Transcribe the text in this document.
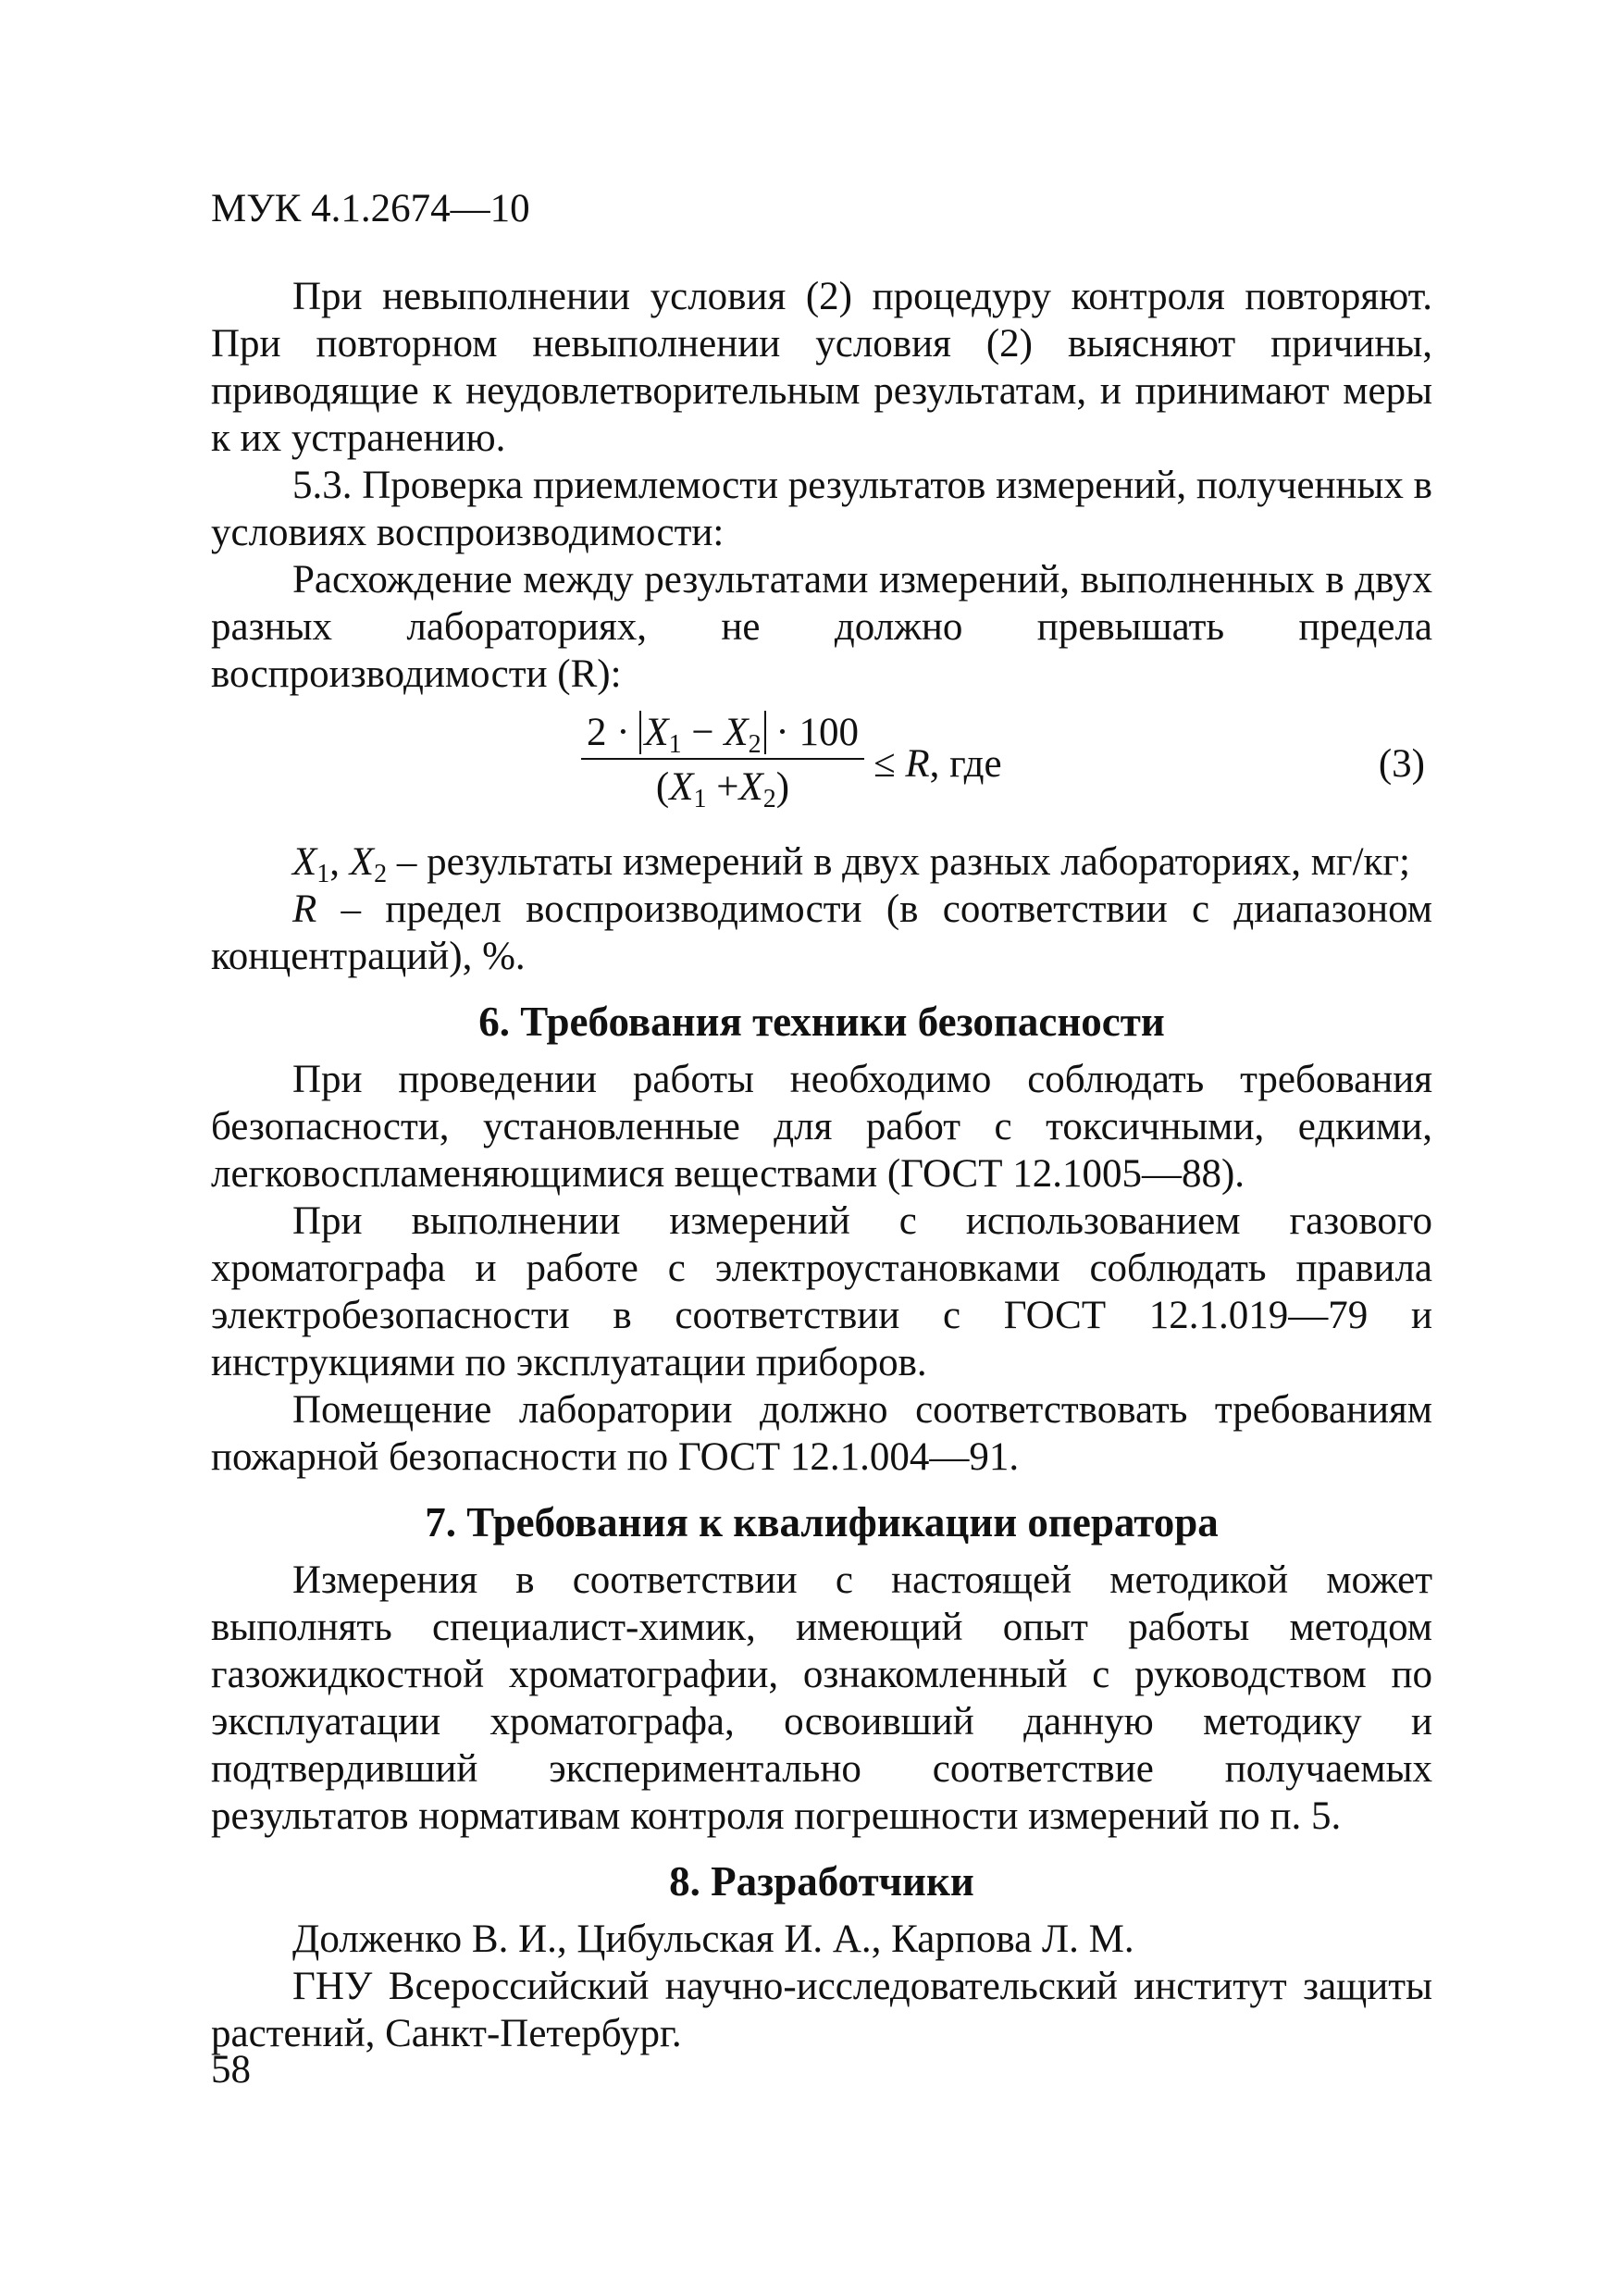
МУК 4.1.2674—10

При невыполнении условия (2) процедуру контроля повторяют. При повторном невыполнении условия (2) выясняют причины, приводящие к неудовлетворительным результатам, и принимают меры к их устранению.

5.3. Проверка приемлемости результатов измерений, полученных в условиях воспроизводимости:

Расхождение между результатами измерений, выполненных в двух разных лабораториях, не должно превышать предела воспроизводимости (R):

$2 \cdot X_1 - X_2 \cdot 100$
$(X_1 +X_2)$
≤ R, где	(3)

$X_1$, $X_2$ – результаты измерений в двух разных лабораториях, мг/кг;

R – предел воспроизводимости (в соответствии с диапазоном концентраций), %.

6. Требования техники безопасности

При проведении работы необходимо соблюдать требования безопасности, установленные для работ с токсичными, едкими, легковоспламеняющимися веществами (ГОСТ 12.1005—88).

При выполнении измерений с использованием газового хроматографа и работе с электроустановками соблюдать правила электробезопасности в соответствии с ГОСТ 12.1.019—79 и инструкциями по эксплуатации приборов.

Помещение лаборатории должно соответствовать требованиям пожарной безопасности по ГОСТ 12.1.004—91.

7. Требования к квалификации оператора

Измерения в соответствии с настоящей методикой может выполнять специалист-химик, имеющий опыт работы методом газожидкостной хроматографии, ознакомленный с руководством по эксплуатации хроматографа, освоивший данную методику и подтвердивший экспериментально соответствие получаемых результатов нормативам контроля погрешности измерений по п. 5.

8. Разработчики

Долженко В. И., Цибульская И. А., Карпова Л. М.

ГНУ Всероссийский научно-исследовательский институт защиты растений, Санкт-Петербург.

58
